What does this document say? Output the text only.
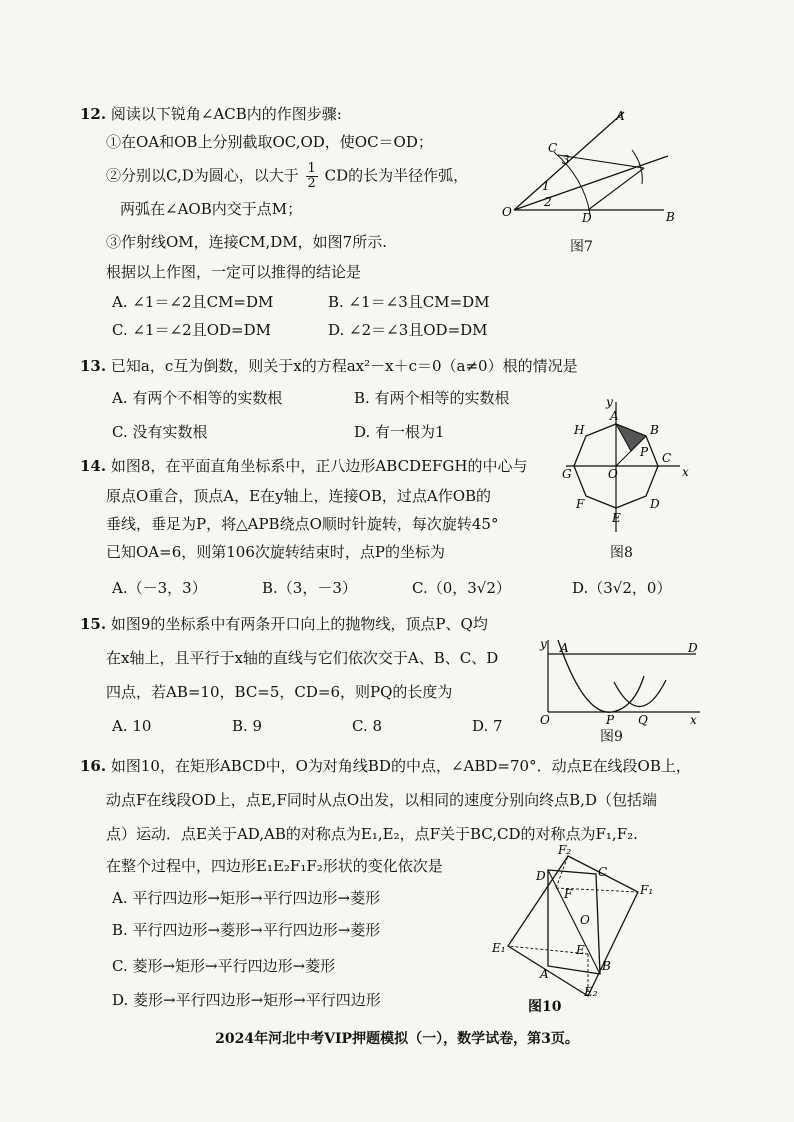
12. 阅读以下锐角∠ACB内的作图步骤:
①在OA和OB上分别截取OC,OD，使OC＝OD；
②分别以C,D为圆心，以大于 $\frac{1}{2}$ CD的长为半径作弧，
两弧在∠AOB内交于点M；
③作射线OM，连接CM,DM，如图7所示.
根据以上作图，一定可以推得的结论是
A. ∠1＝∠2且CM=DM	B. ∠1＝∠3且CM=DM
C. ∠1＝∠2且OD=DM	D. ∠2＝∠3且OD=DM
A
B
C
D
O
1
2
3
图7
13. 已知a，c互为倒数，则关于x的方程ax²－x＋c＝0（a≠0）根的情况是
A. 有两个不相等的实数根	B. 有两个相等的实数根
C. 没有实数根	D. 有一根为1
14. 如图8，在平面直角坐标系中，正八边形ABCDEFGH的中心与
原点O重合，顶点A，E在y轴上，连接OB，过点A作OB的
垂线，垂足为P，将△APB绕点O顺时针旋转，每次旋转45°
已知OA=6，则第106次旋转结束时，点P的坐标为
A.（－3，3）	B.（3，－3）	C.（0，3√2）	D.（3√2，0）
x
y
A
B
C
D
E
F
G
H
O
P
图8
15. 如图9的坐标系中有两条开口向上的抛物线，顶点P、Q均
在x轴上，且平行于x轴的直线与它们依次交于A、B、C、D
四点，若AB=10，BC=5，CD=6，则PQ的长度为
A. 10	B. 9	C. 8	D. 7	x
y A	D
O	P Q
图9
16. 如图10，在矩形ABCD中，O为对角线BD的中点，∠ABD=70°．动点E在线段OB上，
动点F在线段OD上，点E,F同时从点O出发，以相同的速度分别向终点B,D（包括端
点）运动．点E关于AD,AB的对称点为E₁,E₂，点F关于BC,CD的对称点为F₁,F₂.
在整个过程中，四边形E₁E₂F₁F₂形状的变化依次是
A. 平行四边形→矩形→平行四边形→菱形
B. 平行四边形→菱形→平行四边形→菱形
C. 菱形→矩形→平行四边形→菱形
D. 菱形→平行四边形→矩形→平行四边形
D	C
A
B
F
E
O
F₂
F₁
E₁
E₂
图10
2024年河北中考VIP押题模拟（一），数学试卷，第3页。
